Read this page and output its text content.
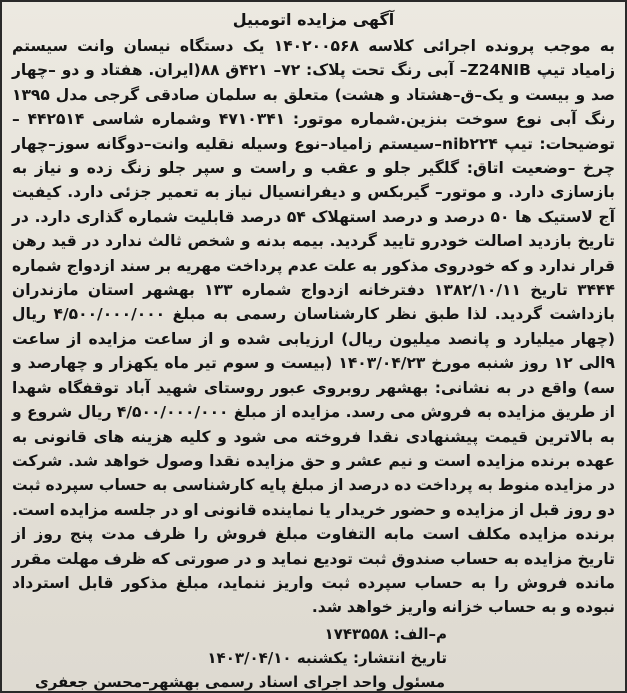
آگهی مزایده اتومبیل

به موجب پرونده اجرائی کلاسه ۱۴۰۲۰۰۵۶۸ یک دستگاه نیسان وانت سیستم زامیاد تیپ Z24NIB– آبی رنگ تحت پلاک: ۷۲– ۴۲۱ق ۸۸(ایران. هفتاد و دو –چهار صد و بیست و یک–ق–هشتاد و هشت) متعلق به سلمان صادقی گرجی مدل ۱۳۹۵ رنگ آبی نوع سوخت بنزین.شماره موتور: ۴۷۱۰۳۴۱ وشماره شاسی ۴۴۲۵۱۴ – توضیحات: تیپ nib۲۲۴–سیستم زامیاد–نوع وسیله نقلیه وانت–دوگانه سوز–چهار چرخ –وضعیت اتاق: گلگیر جلو و عقب و راست و سپر جلو زنگ زده و نیاز به بازسازی دارد. و موتور– گیربکس و دیفرانسیال نیاز به تعمیر جزئی دارد. کیفیت آج لاستیک ها ۵۰ درصد و درصد استهلاک ۵۴ درصد قابلیت شماره گذاری دارد. در تاریخ بازدید اصالت خودرو تایید گردید. بیمه بدنه و شخص ثالث ندارد در قید رهن قرار ندارد و که خودروی مذکور به علت عدم پرداخت مهریه بر سند ازدواج شماره ۳۴۴۴ تاریخ ۱۳۸۲/۱۰/۱۱ دفترخانه ازدواج شماره ۱۳۳ بهشهر استان مازندران بازداشت گردید. لذا طبق نظر کارشناسان رسمی به مبلغ ۴/۵۰۰/۰۰۰/۰۰۰ ریال (چهار میلیارد و پانصد میلیون ریال) ارزیابی شده و از ساعت مزایده از ساعت ۹الی ۱۲ روز شنبه مورخ ۱۴۰۳/۰۴/۲۳ (بیست و سوم تیر ماه یکهزار و چهارصد و سه) واقع در به نشانی: بهشهر روبروی عبور روستای شهید آباد توقفگاه شهدا از طریق مزایده به فروش می رسد. مزایده از مبلغ ۴/۵۰۰/۰۰۰/۰۰۰ ریال شروع و به بالاترین قیمت پیشنهادی نقدا فروخته می شود و کلیه هزینه های قانونی به عهده برنده مزایده است و نیم عشر و حق مزایده نقدا وصول خواهد شد. شرکت در مزایده منوط به پرداخت ده درصد از مبلغ پایه کارشناسی به حساب سپرده ثبت دو روز قبل از مزایده و حضور خریدار یا نماینده قانونی او در جلسه مزایده است. برنده مزایده مکلف است مابه التفاوت مبلغ فروش را ظرف مدت پنج روز از تاریخ مزایده به حساب صندوق ثبت تودیع نماید و در صورتی که ظرف مهلت مقرر مانده فروش را به حساب سپرده ثبت واریز ننماید، مبلغ مذکور قابل استرداد نبوده و به حساب خزانه واریز خواهد شد.

م–الف: ۱۷۴۳۵۵۸
تاریخ انتشار: یکشنبه ۱۴۰۳/۰۴/۱۰
مسئول واحد اجرای اسناد رسمی بهشهر–محسن جعفری
